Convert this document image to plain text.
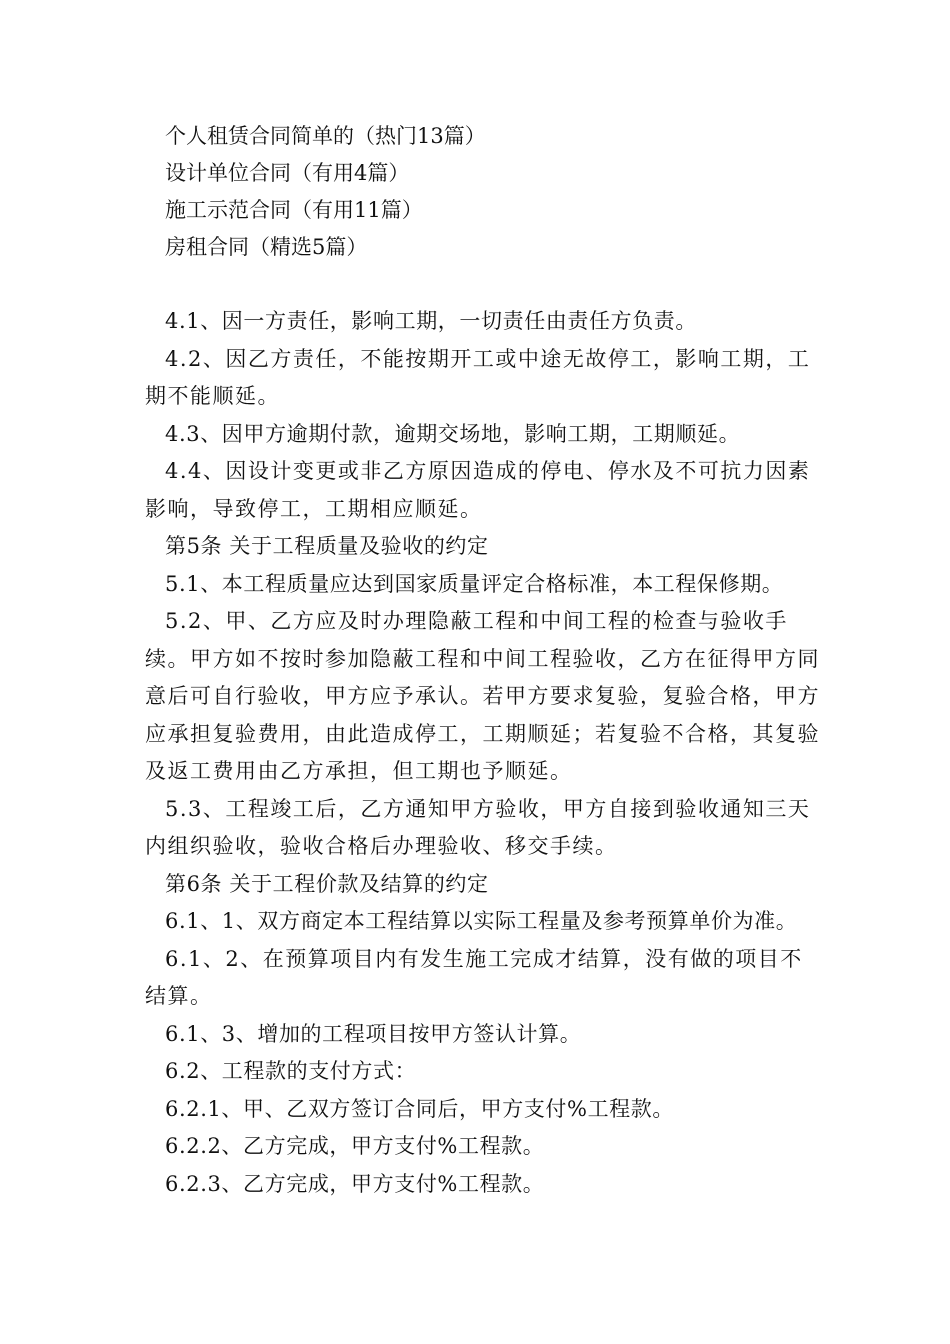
个人租赁合同简单的（热门13篇）
设计单位合同（有用4篇）
施工示范合同（有用11篇）
房租合同（精选5篇）

4.1、因一方责任，影响工期，一切责任由责任方负责。

4.2、因乙方责任，不能按期开工或中途无故停工，影响工期，工期不能顺延。

4.3、因甲方逾期付款，逾期交场地，影响工期，工期顺延。

4.4、因设计变更或非乙方原因造成的停电、停水及不可抗力因素影响，导致停工，工期相应顺延。

第5条 关于工程质量及验收的约定

5.1、本工程质量应达到国家质量评定合格标准，本工程保修期。

5.2、甲、乙方应及时办理隐蔽工程和中间工程的检查与验收手续。甲方如不按时参加隐蔽工程和中间工程验收，乙方在征得甲方同意后可自行验收，甲方应予承认。若甲方要求复验，复验合格，甲方应承担复验费用，由此造成停工，工期顺延；若复验不合格，其复验及返工费用由乙方承担，但工期也予顺延。

5.3、工程竣工后，乙方通知甲方验收，甲方自接到验收通知三天内组织验收，验收合格后办理验收、移交手续。

第6条 关于工程价款及结算的约定

6.1、1、双方商定本工程结算以实际工程量及参考预算单价为准。

6.1、2、在预算项目内有发生施工完成才结算，没有做的项目不结算。

6.1、3、增加的工程项目按甲方签认计算。

6.2、工程款的支付方式：

6.2.1、甲、乙双方签订合同后，甲方支付%工程款。

6.2.2、乙方完成，甲方支付%工程款。

6.2.3、乙方完成，甲方支付%工程款。
